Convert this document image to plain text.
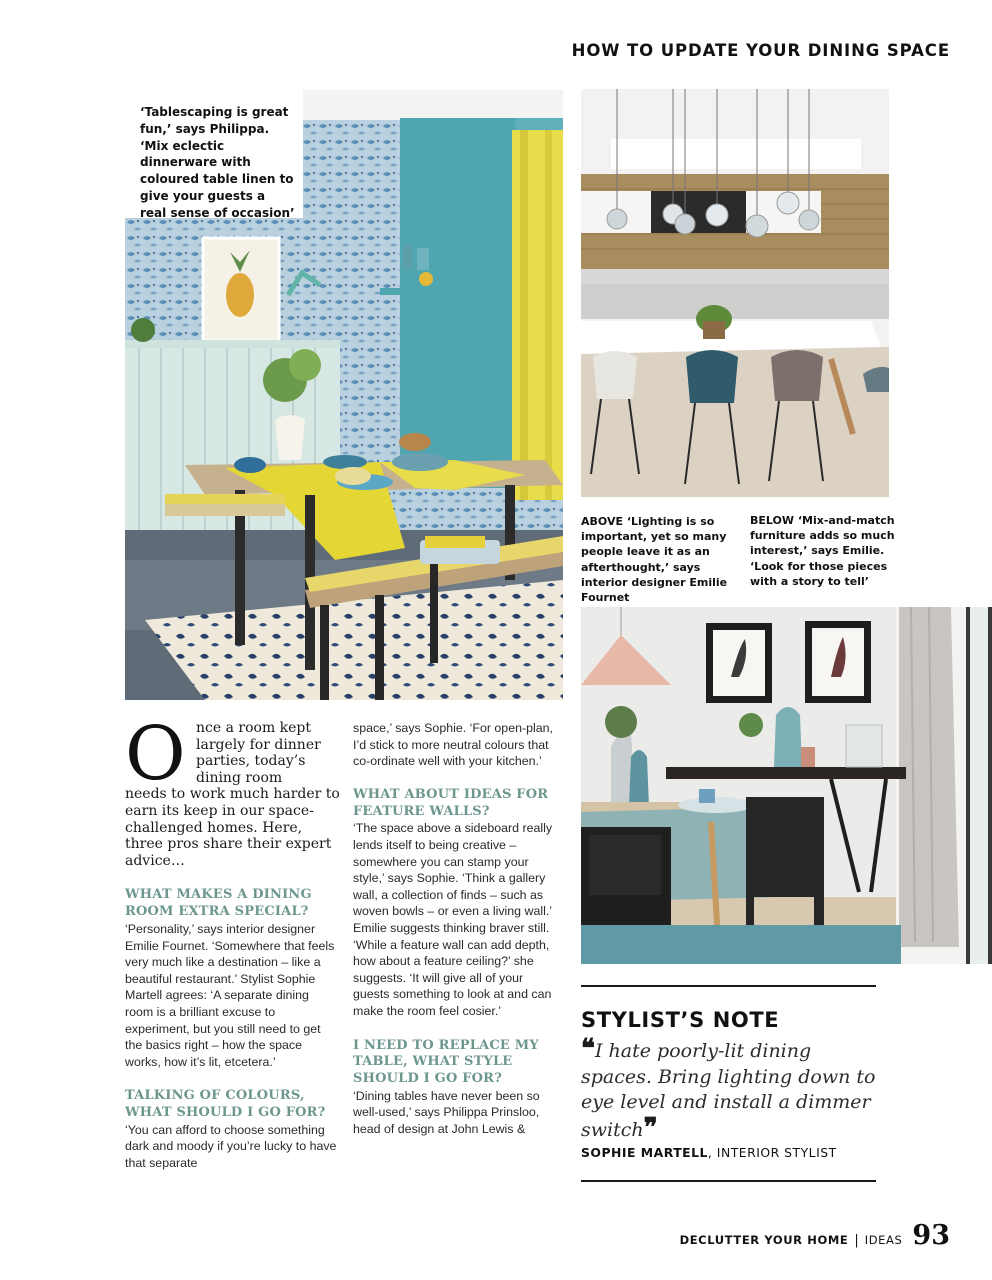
HOW TO UPDATE YOUR DINING SPACE
‘Tablescaping is great fun,’ says Philippa. ‘Mix eclectic dinnerware with coloured table linen to give your guests a real sense of occasion’
ABOVE ‘Lighting is so important, yet so many people leave it as an afterthought,’ says interior designer Emilie Fournet
BELOW ‘Mix-and-match furniture adds so much interest,’ says Emilie. ‘Look for those pieces with a story to tell’
O nce a room kept largely for dinner parties, today’s dining room
needs to work much harder to earn its keep in our space-challenged homes. Here, three pros share their expert advice…
WHAT MAKES A DINING ROOM EXTRA SPECIAL?

‘Personality,’ says interior designer Emilie Fournet. ‘Somewhere that feels very much like a destination – like a beautiful restaurant.’ Stylist Sophie Martell agrees: ‘A separate dining room is a brilliant excuse to experiment, but you still need to get the basics right – how the space works, how it’s lit, etcetera.’

TALKING OF COLOURS, WHAT SHOULD I GO FOR?

‘You can afford to choose something dark and moody if you’re lucky to have that separate

space,’ says Sophie. ‘For open-plan, I’d stick to more neutral colours that co-ordinate well with your kitchen.’

WHAT ABOUT IDEAS FOR FEATURE WALLS?

‘The space above a sideboard really lends itself to being creative – somewhere you can stamp your style,’ says Sophie. ‘Think a gallery wall, a collection of finds – such as woven bowls – or even a living wall.’ Emilie suggests thinking braver still. ‘While a feature wall can add depth, how about a feature ceiling?’ she suggests. ‘It will give all of your guests something to look at and can make the room feel cosier.’

I NEED TO REPLACE MY TABLE, WHAT STYLE SHOULD I GO FOR?

‘Dining tables have never been so well-used,’ says Philippa Prinsloo, head of design at John Lewis &

STYLIST’S NOTE
❝I hate poorly-lit dining spaces. Bring lighting down to eye level and install a dimmer switch❞
SOPHIE MARTELL, INTERIOR STYLIST
DECLUTTER YOUR HOME | IDEAS 93
